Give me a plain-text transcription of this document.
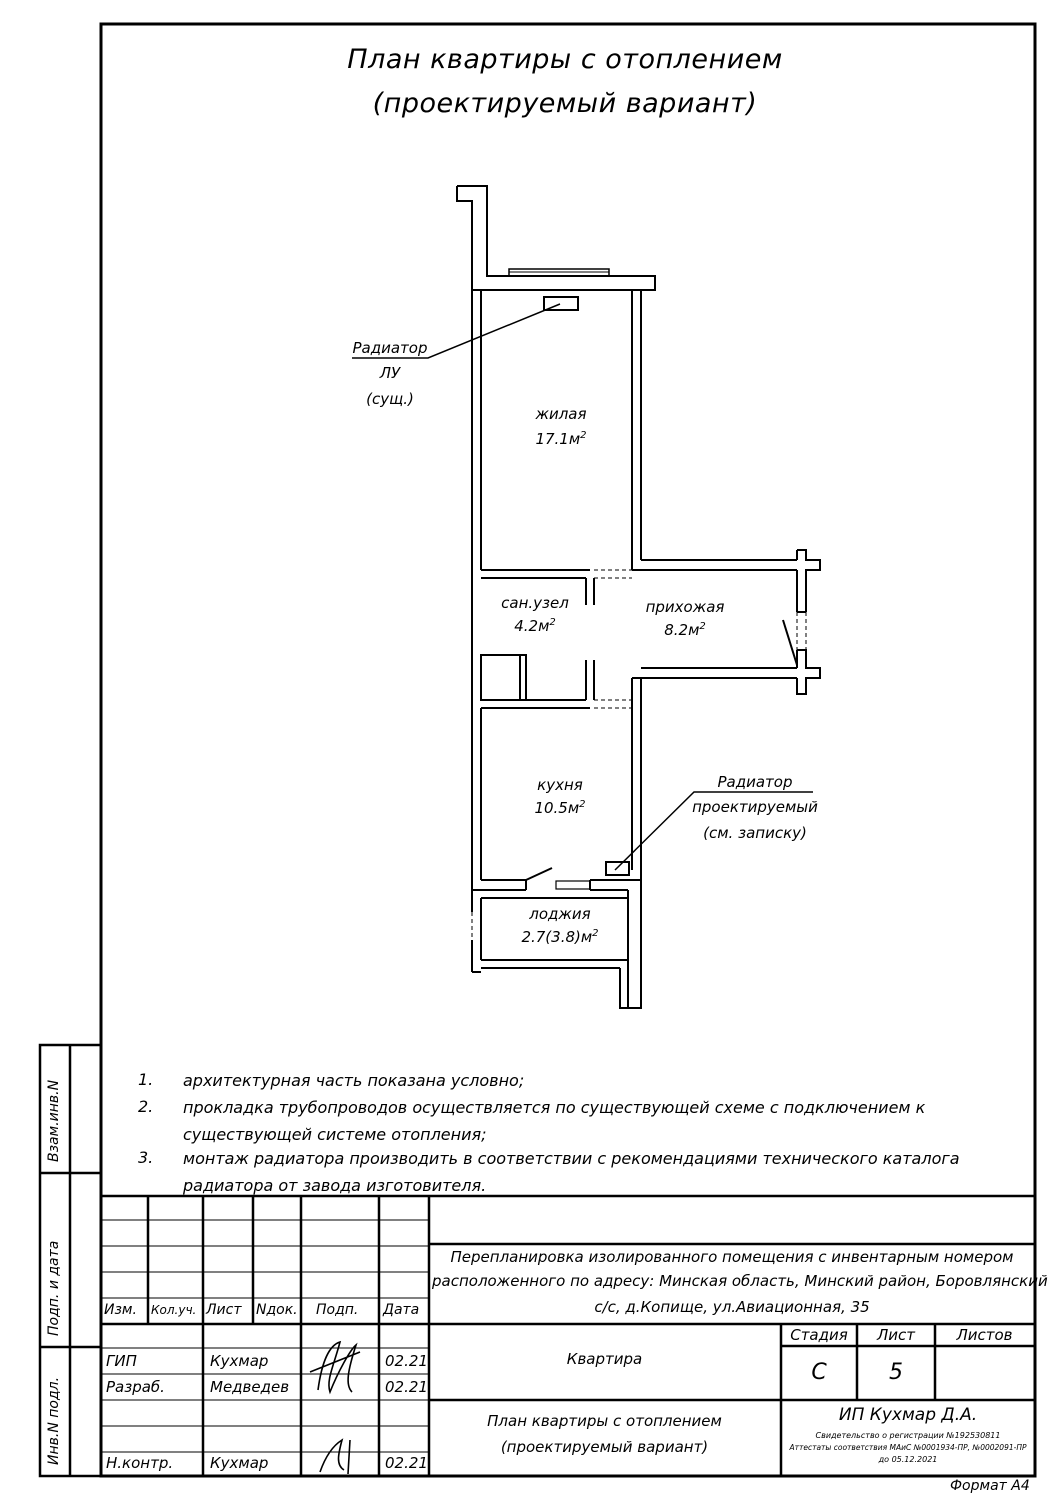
План квартиры с отоплением
(проектируемый вариант)
жилая
$17.1м^2$
сан.узел
$4.2м^2$
прихожая
$8.2м^2$
кухня
$10.5м^2$
лоджия
$2.7(3.8)м^2$
Радиатор
ЛУ
(сущ.)
Радиатор
проектируемый
(см. записку)
1. архитектурная часть показана условно;
2. прокладка трубопроводов осуществляется по существующей схеме с подключением к существующей системе отопления;
3. монтаж радиатора производить в соответствии с рекомендациями технического каталога радиатора от завода изготовителя.
Взам.инв.N
Подп. и дата
Инв.N подл.
Перепланировка изолированного помещения с инвентарным номером
расположенного по адресу: Минская область, Минский район, Боровлянский
с/с, д.Копище, ул.Авиационная, 35
Изм. Кол.уч. Лист Nдок. Подп. Дата
ГИП	Кухмар	02.21
Разраб.	Медведев	02.21
Н.контр. Кухмар	02.21
Квартира
План квартиры с отоплением
(проектируемый вариант)
Стадия	Лист	Листов
С	5
ИП Кухмар Д.А.
Свидетельство о регистрации №192530811
Аттестаты соответствия МАиС №0001934-ПР, №0002091-ПР
до 05.12.2021
Формат А4
